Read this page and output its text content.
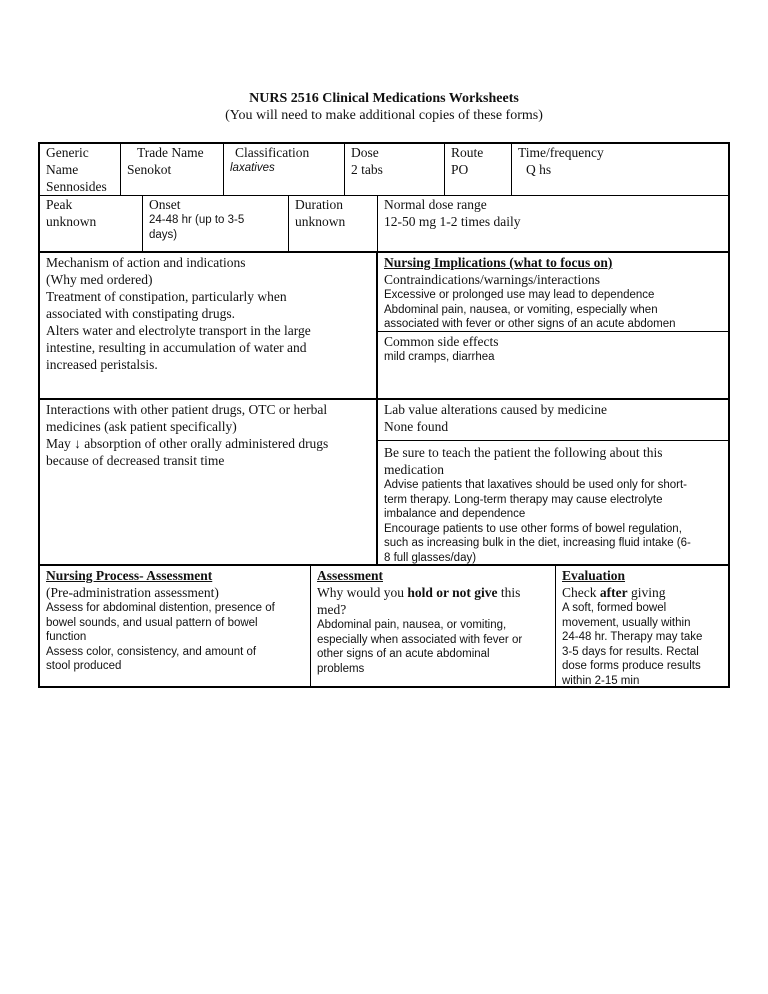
NURS 2516 Clinical Medications Worksheets
(You will need to make additional copies of these forms)
Generic
Name
Sennosides
Trade Name
Senokot
Classification
laxatives
Dose
2 tabs
Route
PO
Time/frequency
Q hs
Peak
unknown
Onset
24-48 hr (up to 3-5
days)
Duration
unknown
Normal dose range
12-50 mg 1-2 times daily
Mechanism of action and indications
(Why med ordered)
Treatment of constipation, particularly when
associated with constipating drugs.
Alters water and electrolyte transport in the large
intestine, resulting in accumulation of water and
increased peristalsis.
Nursing Implications (what to focus on)
Contraindications/warnings/interactions
Excessive or prolonged use may lead to dependence
Abdominal pain, nausea, or vomiting, especially when
associated with fever or other signs of an acute abdomen
Common side effects
mild cramps, diarrhea
Interactions with other patient drugs, OTC or herbal
medicines (ask patient specifically)
May ↓ absorption of other orally administered drugs
because of decreased transit time
Lab value alterations caused by medicine
None found
Be sure to teach the patient the following about this
medication
Advise patients that laxatives should be used only for short-
term therapy. Long-term therapy may cause electrolyte
imbalance and dependence
Encourage patients to use other forms of bowel regulation,
such as increasing bulk in the diet, increasing fluid intake (6-
8 full glasses/day)
Nursing Process- Assessment
(Pre-administration assessment)
Assess for abdominal distention, presence of
bowel sounds, and usual pattern of bowel
function
Assess color, consistency, and amount of
stool produced
Assessment
Why would you hold or not give this
med?
Abdominal pain, nausea, or vomiting,
especially when associated with fever or
other signs of an acute abdominal
problems
Evaluation
Check after giving
A soft, formed bowel
movement, usually within
24-48 hr. Therapy may take
3-5 days for results. Rectal
dose forms produce results
within 2-15 min
